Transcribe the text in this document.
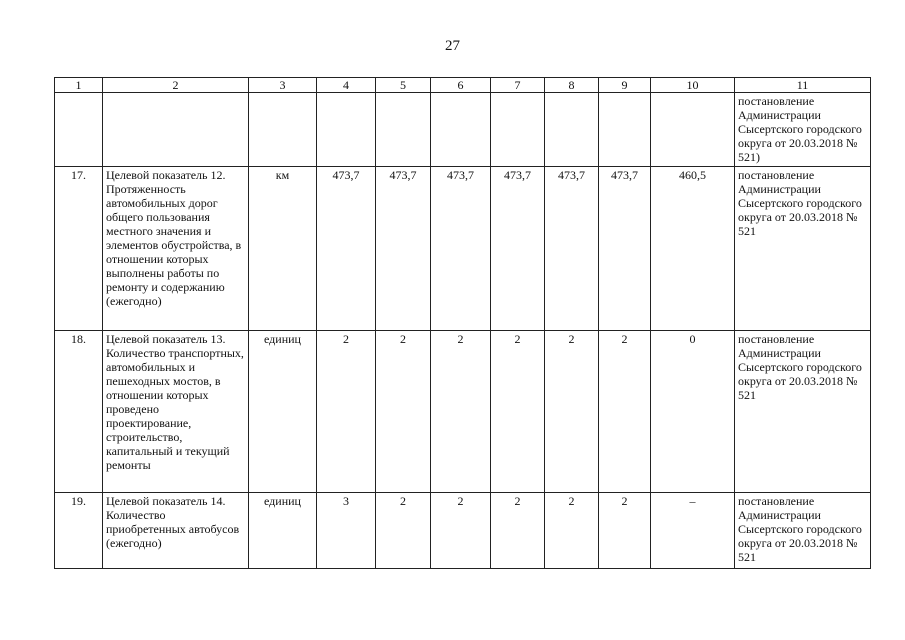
27
1	2	3	4	5	6	7	8	9	10	11
										постановление Администрации Сысертского городского округа от 20.03.2018 № 521)
17.	Целевой показатель 12. Протяженность автомобильных дорог общего пользования местного значения и элементов обустройства, в отношении которых выполнены работы по ремонту и содержанию (ежегодно)	км	473,7	473,7	473,7	473,7	473,7	473,7	460,5	постановление Администрации Сысертского городского округа от 20.03.2018 № 521
18.	Целевой показатель 13. Количество транспортных, автомобильных и пешеходных мостов, в отношении которых проведено проектирование, строительство, капитальный и текущий ремонты	единиц	2	2	2	2	2	2	0	постановление Администрации Сысертского городского округа от 20.03.2018 № 521
19.	Целевой показатель 14. Количество приобретенных автобусов (ежегодно)	единиц	3	2	2	2	2	2	–	постановление Администрации Сысертского городского округа от 20.03.2018 № 521
